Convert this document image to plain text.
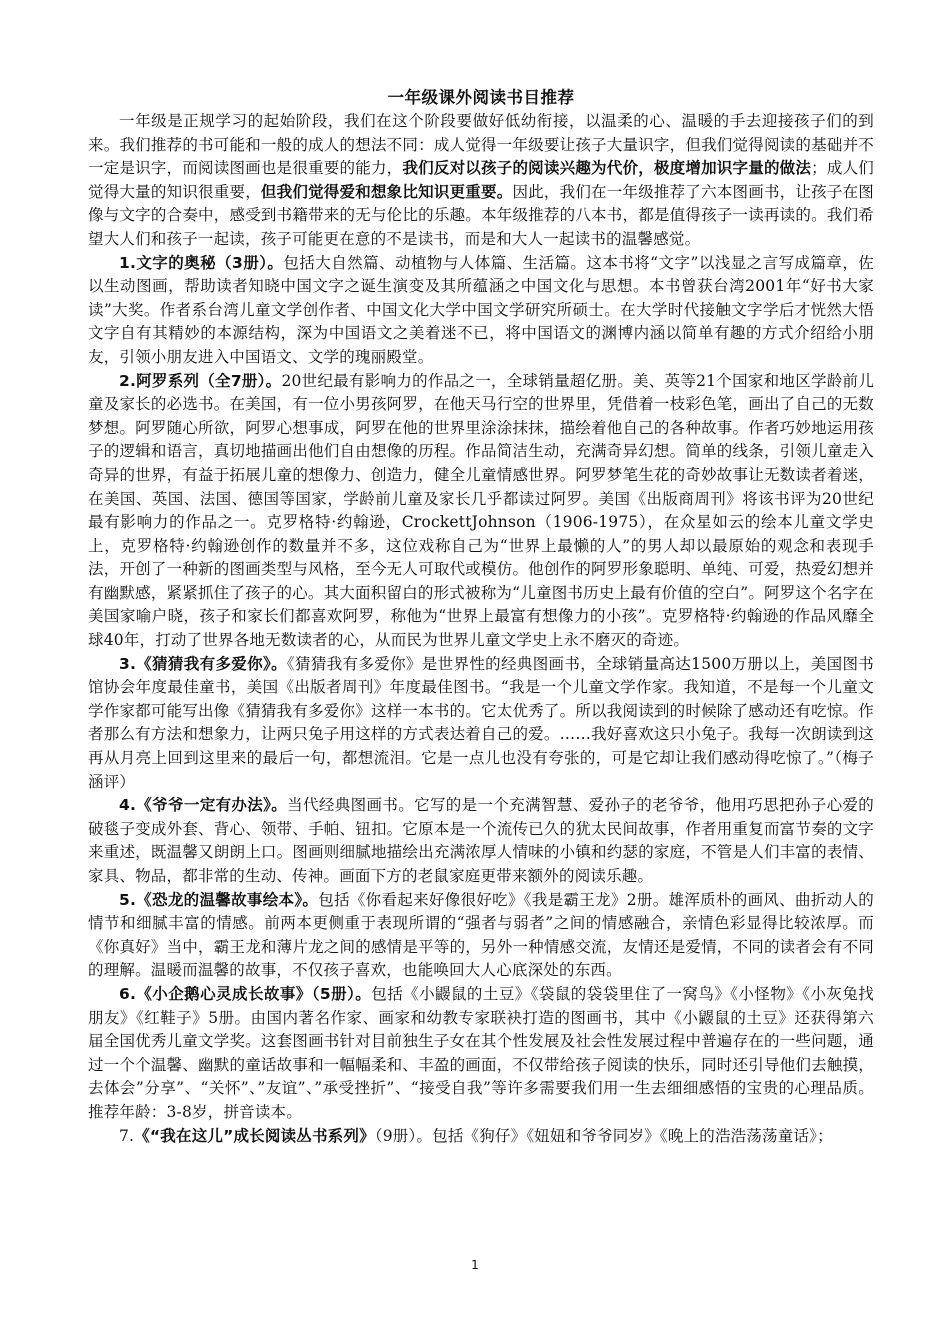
一年级课外阅读书目推荐

一年级是正规学习的起始阶段，我们在这个阶段要做好低幼衔接，以温柔的心、温暖的手去迎接孩子们的到来。我们推荐的书可能和一般的成人的想法不同：成人觉得一年级要让孩子大量识字，但我们觉得阅读的基础并不一定是识字，而阅读图画也是很重要的能力，我们反对以孩子的阅读兴趣为代价，极度增加识字量的做法；成人们觉得大量的知识很重要，但我们觉得爱和想象比知识更重要。因此，我们在一年级推荐了六本图画书，让孩子在图像与文字的合奏中，感受到书籍带来的无与伦比的乐趣。本年级推荐的八本书，都是值得孩子一读再读的。我们希望大人们和孩子一起读，孩子可能更在意的不是读书，而是和大人一起读书的温馨感觉。

1.文字的奥秘（3册）。包括大自然篇、动植物与人体篇、生活篇。这本书将“文字”以浅显之言写成篇章，佐以生动图画，帮助读者知晓中国文字之诞生演变及其所蕴涵之中国文化与思想。本书曾获台湾2001年“好书大家读”大奖。作者系台湾儿童文学创作者、中国文化大学中国文学研究所硕士。在大学时代接触文字学后才恍然大悟文字自有其精妙的本源结构，深为中国语文之美着迷不已，将中国语文的渊博内涵以简单有趣的方式介绍给小朋友，引领小朋友进入中国语文、文学的瑰丽殿堂。

2.阿罗系列（全7册）。20世纪最有影响力的作品之一，全球销量超亿册。美、英等21个国家和地区学龄前儿童及家长的必选书。在美国，有一位小男孩阿罗，在他天马行空的世界里，凭借着一枝彩色笔，画出了自己的无数梦想。阿罗随心所欲，阿罗心想事成，阿罗在他的世界里涂涂抹抹，描绘着他自己的各种故事。作者巧妙地运用孩子的逻辑和语言，真切地描画出他们自由想像的历程。作品简洁生动，充满奇异幻想。简单的线条，引领儿童走入奇异的世界，有益于拓展儿童的想像力、创造力，健全儿童情感世界。阿罗梦笔生花的奇妙故事让无数读者着迷，在美国、英国、法国、德国等国家，学龄前儿童及家长几乎都读过阿罗。美国《出版商周刊》将该书评为20世纪最有影响力的作品之一。克罗格特·约翰逊，CrockettJohnson（1906-1975），在众星如云的绘本儿童文学史上，克罗格特·约翰逊创作的数量并不多，这位戏称自己为“世界上最懒的人”的男人却以最原始的观念和表现手法，开创了一种新的图画类型与风格，至今无人可取代或模仿。他创作的阿罗形象聪明、单纯、可爱，热爱幻想并有幽默感，紧紧抓住了孩子的心。其大面积留白的形式被称为“儿童图书历史上最有价值的空白”。阿罗这个名字在美国家喻户晓，孩子和家长们都喜欢阿罗，称他为“世界上最富有想像力的小孩”。克罗格特·约翰逊的作品风靡全球40年，打动了世界各地无数读者的心，从而民为世界儿童文学史上永不磨灭的奇迹。

3.《猜猜我有多爱你》。《猜猜我有多爱你》是世界性的经典图画书，全球销量高达1500万册以上，美国图书馆协会年度最佳童书，美国《出版者周刊》年度最佳图书。“我是一个儿童文学作家。我知道，不是每一个儿童文学作家都可能写出像《猜猜我有多爱你》这样一本书的。它太优秀了。所以我阅读到的时候除了感动还有吃惊。作者那么有方法和想象力，让两只兔子用这样的方式表达着自己的爱。……我好喜欢这只小兔子。我每一次朗读到这再从月亮上回到这里来的最后一句，都想流泪。它是一点儿也没有夸张的，可是它却让我们感动得吃惊了。”（梅子涵评）

4.《爷爷一定有办法》。当代经典图画书。它写的是一个充满智慧、爱孙子的老爷爷，他用巧思把孙子心爱的破毯子变成外套、背心、领带、手帕、钮扣。它原本是一个流传已久的犹太民间故事，作者用重复而富节奏的文字来重述，既温馨又朗朗上口。图画则细腻地描绘出充满浓厚人情味的小镇和约瑟的家庭，不管是人们丰富的表情、家具、物品，都非常的生动、传神。画面下方的老鼠家庭更带来额外的阅读乐趣。

5.《恐龙的温馨故事绘本》。包括《你看起来好像很好吃》《我是霸王龙》2册。雄浑质朴的画风、曲折动人的情节和细腻丰富的情感。前两本更侧重于表现所谓的“强者与弱者”之间的情感融合，亲情色彩显得比较浓厚。而《你真好》当中，霸王龙和薄片龙之间的感情是平等的，另外一种情感交流，友情还是爱情，不同的读者会有不同的理解。温暖而温馨的故事，不仅孩子喜欢，也能唤回大人心底深处的东西。

6.《小企鹅心灵成长故事》（5册）。包括《小鼹鼠的土豆》《袋鼠的袋袋里住了一窝鸟》《小怪物》《小灰兔找朋友》《红鞋子》5册。由国内著名作家、画家和幼教专家联袂打造的图画书，其中《小鼹鼠的土豆》还获得第六届全国优秀儿童文学奖。这套图画书针对目前独生子女在其个性发展及社会性发展过程中普遍存在的一些问题，通过一个个温馨、幽默的童话故事和一幅幅柔和、丰盈的画面，不仅带给孩子阅读的快乐，同时还引导他们去触摸，去体会”分享”、“关怀”、”友谊”、”承受挫折”、“接受自我”等许多需要我们用一生去细细感悟的宝贵的心理品质。推荐年龄：3-8岁，拼音读本。

7.《“我在这儿”成长阅读丛书系列》（9册）。包括《狗仔》《妞妞和爷爷同岁》《晚上的浩浩荡荡童话》；

1
